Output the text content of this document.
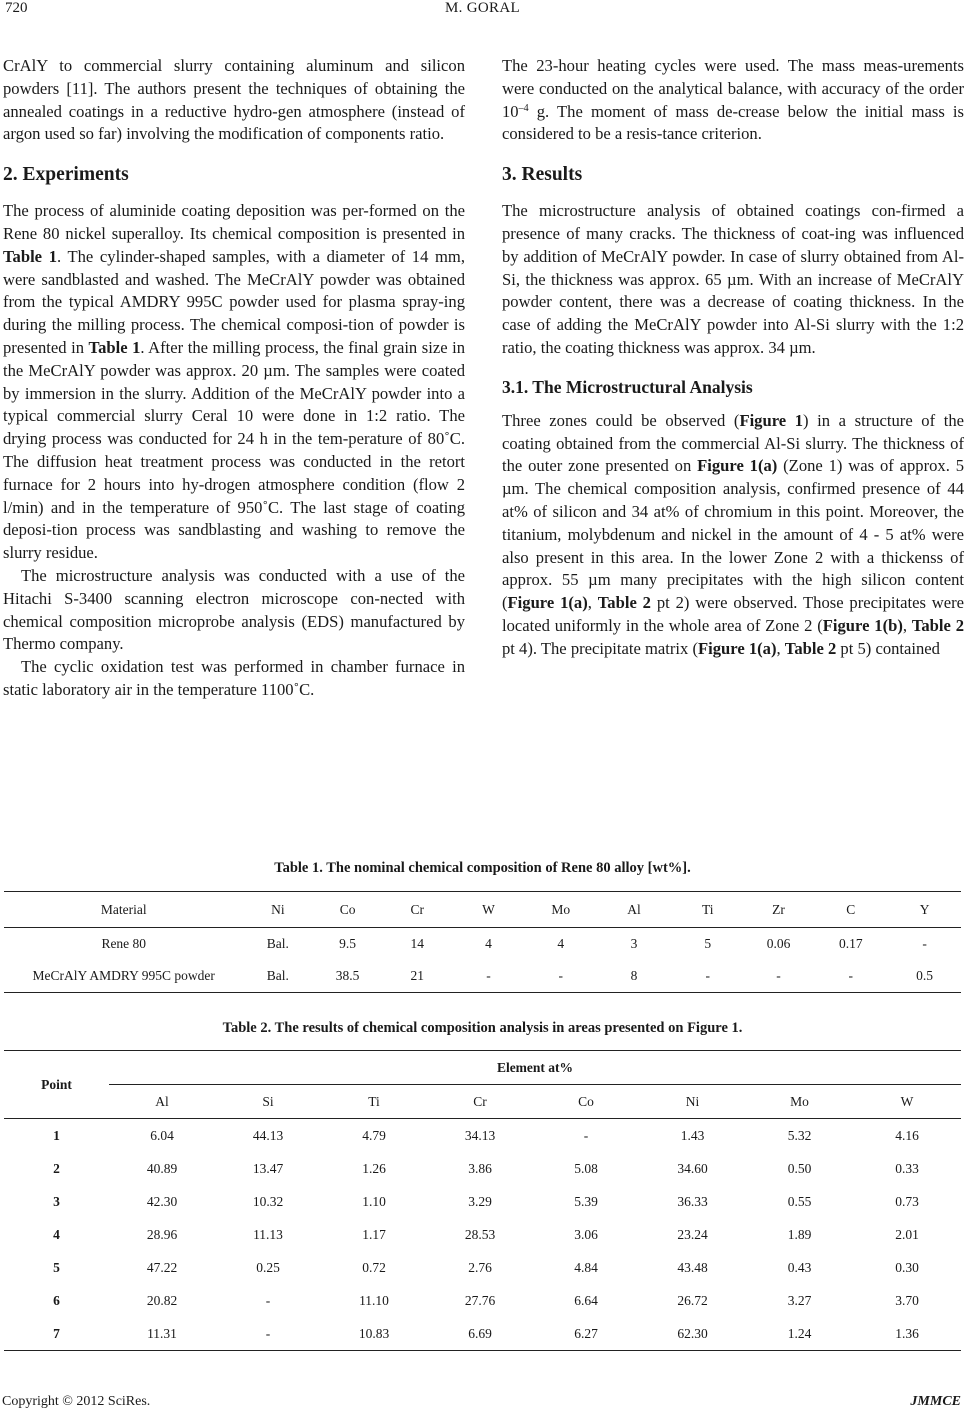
720	M. GORAL

CrAlY to commercial slurry containing aluminum and silicon powders [11]. The authors present the techniques of obtaining the annealed coatings in a reductive hydro-gen atmosphere (instead of argon used so far) involving the modification of components ratio.

2. Experiments

The process of aluminide coating deposition was per-formed on the Rene 80 nickel superalloy. Its chemical composition is presented in Table 1. The cylinder-shaped samples, with a diameter of 14 mm, were sandblasted and washed. The MeCrAlY powder was obtained from the typical AMDRY 995C powder used for plasma spray-ing during the milling process. The chemical composi-tion of powder is presented in Table 1. After the milling process, the final grain size in the MeCrAlY powder was approx. 20 µm. The samples were coated by immersion in the slurry. Addition of the MeCrAlY powder into a typical commercial slurry Ceral 10 were done in 1:2 ratio. The drying process was conducted for 24 h in the tem-perature of 80˚C. The diffusion heat treatment process was conducted in the retort furnace for 2 hours into hy-drogen atmosphere condition (flow 2 l/min) and in the temperature of 950˚C. The last stage of coating deposi-tion process was sandblasting and washing to remove the slurry residue.

The microstructure analysis was conducted with a use of the Hitachi S-3400 scanning electron microscope con-nected with chemical composition microprobe analysis (EDS) manufactured by Thermo company.

The cyclic oxidation test was performed in chamber furnace in static laboratory air in the temperature 1100˚C.

The 23-hour heating cycles were used. The mass meas-urements were conducted on the analytical balance, with accuracy of the order $10^{-4}$ g. The moment of mass de-crease below the initial mass is considered to be a resis-tance criterion.

3. Results

The microstructure analysis of obtained coatings con-firmed a presence of many cracks. The thickness of coat-ing was influenced by addition of MeCrAlY powder. In case of slurry obtained from Al-Si, the thickness was approx. 65 µm. With an increase of MeCrAlY powder content, there was a decrease of coating thickness. In the case of adding the MeCrAlY powder into Al-Si slurry with the 1:2 ratio, the coating thickness was approx. 34 µm.

3.1. The Microstructural Analysis

Three zones could be observed (Figure 1) in a structure of the coating obtained from the commercial Al-Si slurry. The thickness of the outer zone presented on Figure 1(a) (Zone 1) was of approx. 5 µm. The chemical composition analysis, confirmed presence of 44 at% of silicon and 34 at% of chromium in this point. Moreover, the titanium, molybdenum and nickel in the amount of 4 - 5 at% were also present in this area. In the lower Zone 2 with a thickenss of approx. 55 µm many precipitates with the high silicon content (Figure 1(a), Table 2 pt 2) were observed. Those precipitates were located uniformly in the whole area of Zone 2 (Figure 1(b), Table 2 pt 4). The precipitate matrix (Figure 1(a), Table 2 pt 5) contained

Table 1. The nominal chemical composition of Rene 80 alloy [wt%].
Material	Ni	Co	Cr	W	Mo	Al	Ti	Zr	C	Y
Rene 80	Bal.	9.5	14	4	4	3	5	0.06	0.17	-
MeCrAlY AMDRY 995C powder	Bal.	38.5	21	-	-	8	-	-	-	0.5
Table 2. The results of chemical composition analysis in areas presented on Figure 1.
Point	Element at%							
	Al	Si	Ti	Cr	Co	Ni	Mo	W
1	6.04	44.13	4.79	34.13	-	1.43	5.32	4.16
2	40.89	13.47	1.26	3.86	5.08	34.60	0.50	0.33
3	42.30	10.32	1.10	3.29	5.39	36.33	0.55	0.73
4	28.96	11.13	1.17	28.53	3.06	23.24	1.89	2.01
5	47.22	0.25	0.72	2.76	4.84	43.48	0.43	0.30
6	20.82	-	11.10	27.76	6.64	26.72	3.27	3.70
7	11.31	-	10.83	6.69	6.27	62.30	1.24	1.36
Copyright © 2012 SciRes.	JMMCE
